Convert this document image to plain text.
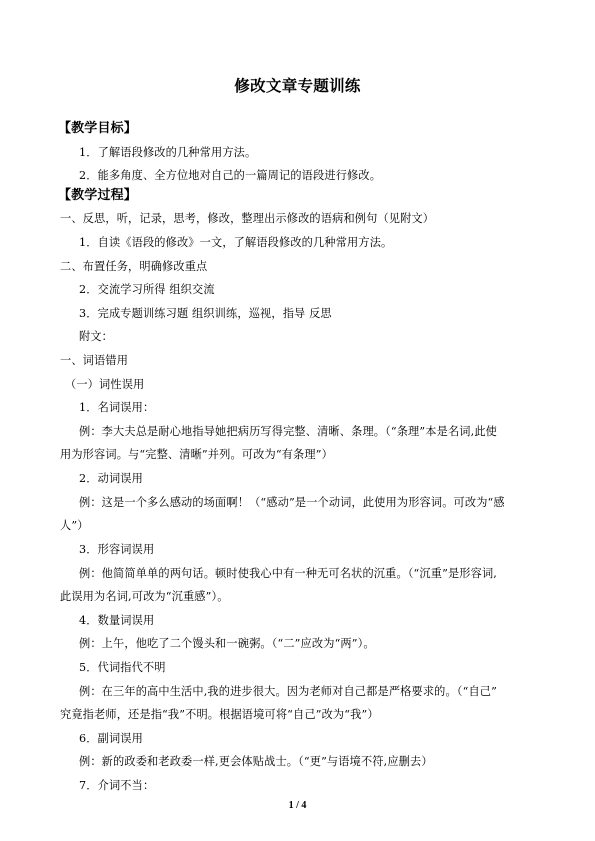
修改文章专题训练
【教学目标】
1．了解语段修改的几种常用方法。
2．能多角度、全方位地对自己的一篇周记的语段进行修改。
【教学过程】
一、反思，听，记录，思考，修改，整理出示修改的语病和例句（见附文）
1．自读《语段的修改》一文，了解语段修改的几种常用方法。
二、布置任务，明确修改重点
2．交流学习所得 组织交流
3．完成专题训练习题 组织训练，巡视，指导 反思
附文：
一、词语错用
（一）词性误用
1．名词误用：
例：李大夫总是耐心地指导她把病历写得完整、清晰、条理。（“条理”本是名词,此使
用为形容词。与“完整、清晰”并列。可改为“有条理”）
2．动词误用
例：这是一个多么感动的场面啊！（“感动”是一个动词，此使用为形容词。可改为“感
人”）
3．形容词误用
例：他简简单单的两句话。顿时使我心中有一种无可名状的沉重。（“沉重”是形容词,
此误用为名词,可改为“沉重感”）。
4．数量词误用
例：上午，他吃了二个馒头和一碗粥。（“二”应改为“两”）。
5．代词指代不明
例：在三年的高中生活中,我的进步很大。因为老师对自己都是严格要求的。（“自己”
究竟指老师，还是指“我”不明。根据语境可将“自己”改为“我”）
6．副词误用
例：新的政委和老政委一样,更会体贴战士。（“更”与语境不符,应删去）
7．介词不当：
1 / 4
